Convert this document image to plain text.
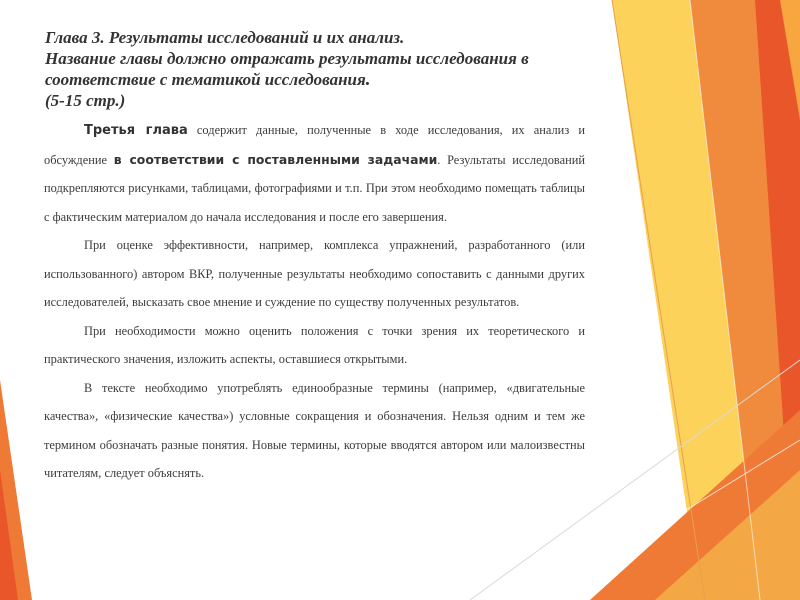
Глава 3. Результаты исследований и их анализ.
Название главы должно отражать результаты исследования в
соответствие с тематикой исследования.
(5-15 стр.)

Третья глава содержит данные, полученные в ходе исследования, их анализ и обсуждение в соответствии с поставленными задачами. Результаты исследований подкрепляются рисунками, таблицами, фотографиями и т.п. При этом необходимо помещать таблицы с фактическим материалом до начала исследования и после его завершения.

При оценке эффективности, например, комплекса упражнений, разработанного (или использованного) автором ВКР, полученные результаты необходимо сопоставить с данными других исследователей, высказать свое мнение и суждение по существу полученных результатов.

При необходимости можно оценить положения с точки зрения их теоретического и практического значения, изложить аспекты, оставшиеся открытыми.

В тексте необходимо употреблять единообразные термины (например, «двигательные качества», «физические качества») условные сокращения и обозначения. Нельзя одним и тем же термином обозначать разные понятия. Новые термины, которые вводятся автором или малоизвестны читателям, следует объяснять.
